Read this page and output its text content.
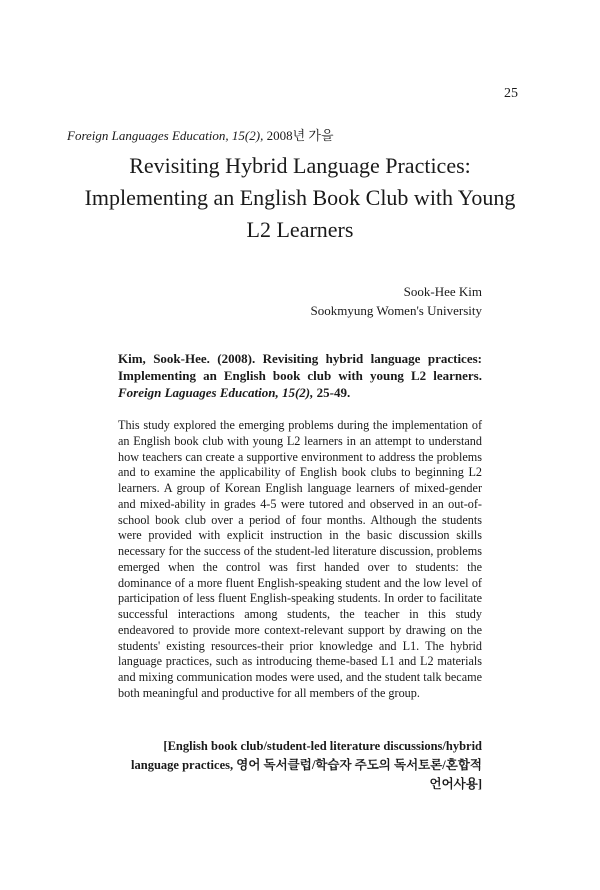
25
Foreign Languages Education, 15(2), 2008년 가을
Revisiting Hybrid Language Practices:
Implementing an English Book Club with Young
L2 Learners
Sook-Hee Kim
Sookmyung Women's University
Kim, Sook-Hee. (2008). Revisiting hybrid language practices: Implementing an English book club with young L2 learners. Foreign Laguages Education, 15(2), 25-49.

This study explored the emerging problems during the implementation of an English book club with young L2 learners in an attempt to understand how teachers can create a supportive environment to address the problems and to examine the applicability of English book clubs to beginning L2 learners. A group of Korean English language learners of mixed-gender and mixed-ability in grades 4-5 were tutored and observed in an out-of-school book club over a period of four months. Although the students were provided with explicit instruction in the basic discussion skills necessary for the success of the student-led literature discussion, problems emerged when the control was first handed over to students: the dominance of a more fluent English-speaking student and the low level of participation of less fluent English-speaking students. In order to facilitate successful interactions among students, the teacher in this study endeavored to provide more context-relevant support by drawing on the students' existing resources-their prior knowledge and L1. The hybrid language practices, such as introducing theme-based L1 and L2 materials and mixing communication modes were used, and the student talk became both meaningful and productive for all members of the group.

[English book club/student-led literature discussions/hybrid language practices, 영어 독서클럽/학습자 주도의 독서토론/혼합적 언어사용]
